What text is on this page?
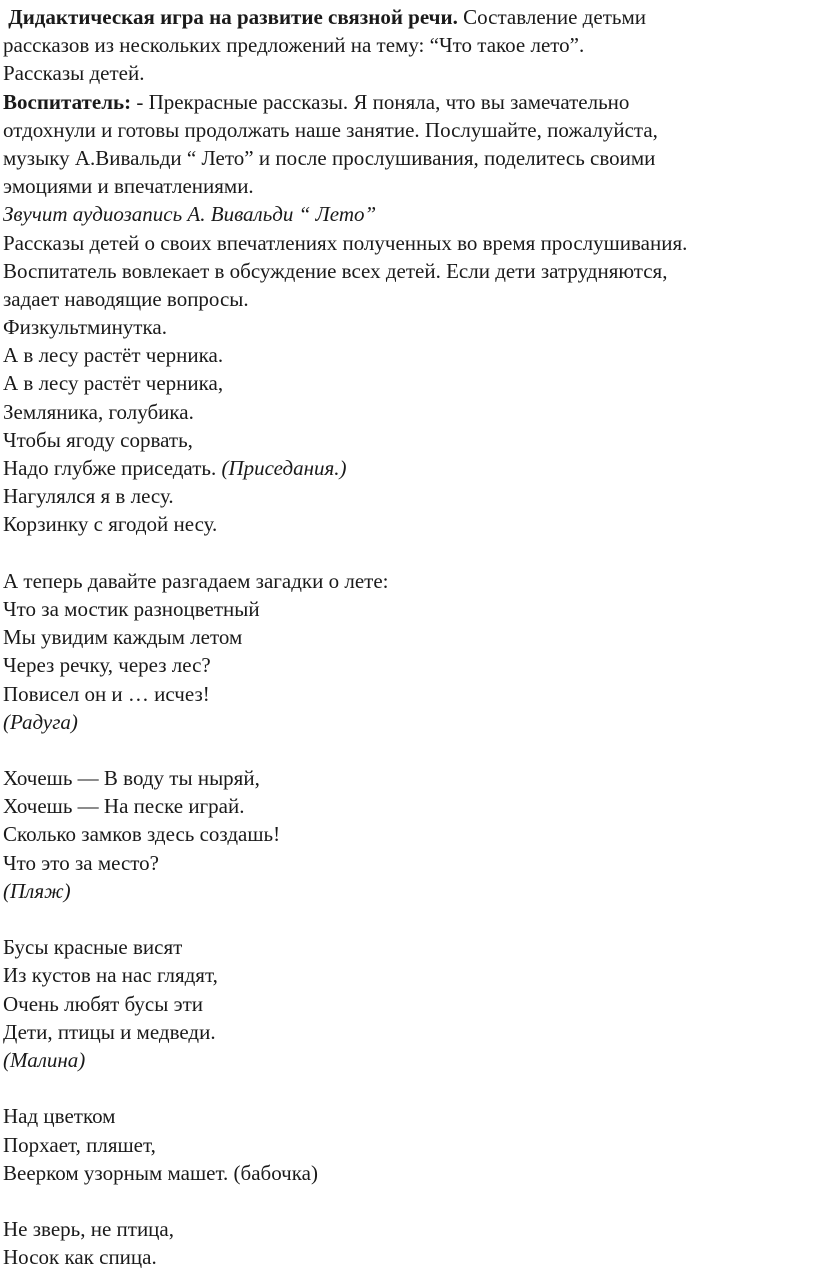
Дидактическая игра на развитие связной речи. Составление детьми
рассказов из нескольких предложений на тему: “Что такое лето”.
Рассказы детей.
Воспитатель: - Прекрасные рассказы. Я поняла, что вы замечательно
отдохнули и готовы продолжать наше занятие. Послушайте, пожалуйста,
музыку А.Вивальди “ Лето” и после прослушивания, поделитесь своими
эмоциями и впечатлениями.
Звучит аудиозапись А. Вивальди “ Лето”
Рассказы детей о своих впечатлениях полученных во время прослушивания.
Воспитатель вовлекает в обсуждение всех детей. Если дети затрудняются,
задает наводящие вопросы.
Физкультминутка.
А в лесу растёт черника.
А в лесу растёт черника,
Земляника, голубика.
Чтобы ягоду сорвать,
Надо глубже приседать. (Приседания.)
Нагулялся я в лесу.
Корзинку с ягодой несу.
А теперь давайте разгадаем загадки о лете:
Что за мостик разноцветный
Мы увидим каждым летом
Через речку, через лес?
Повисел он и … исчез!
(Радуга)
Хочешь — В воду ты ныряй,
Хочешь — На песке играй.
Сколько замков здесь создашь!
Что это за место?
(Пляж)
Бусы красные висят
Из кустов на нас глядят,
Очень любят бусы эти
Дети, птицы и медведи.
(Малина)
Над цветком
Порхает, пляшет,
Веерком узорным машет. (бабочка)
Не зверь, не птица,
Носок как спица.
